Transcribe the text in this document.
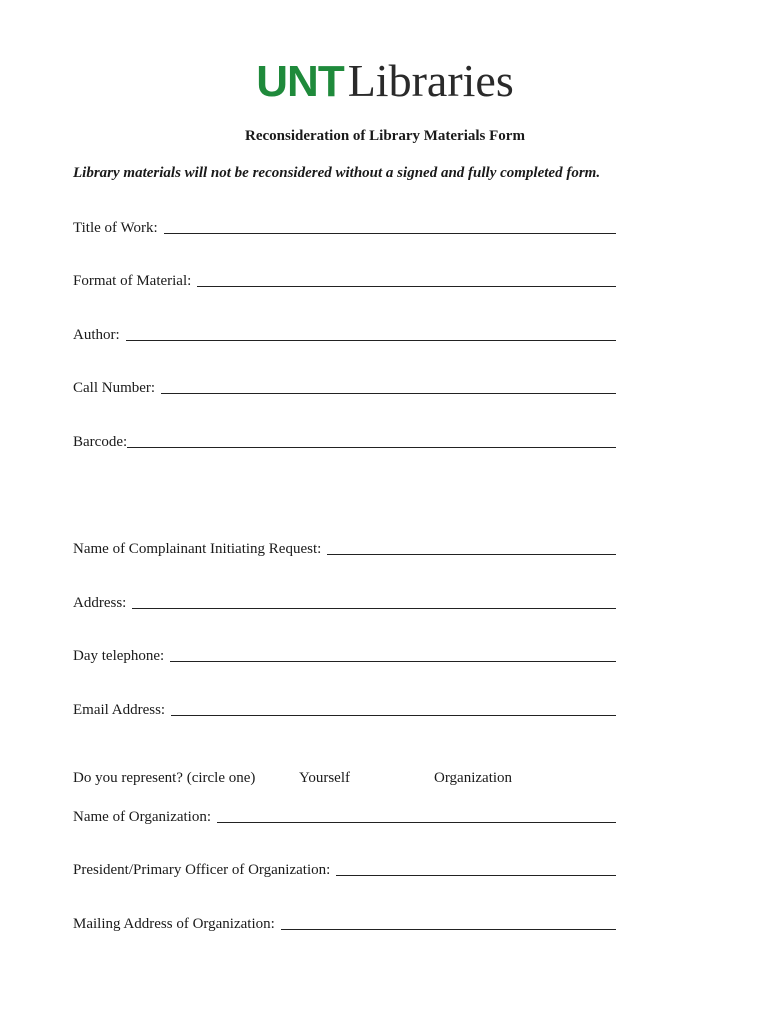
UNTLibraries
Reconsideration of Library Materials Form

Library materials will not be reconsidered without a signed and fully completed form.

Title of Work:
Format of Material:
Author:
Call Number:
Barcode:
Name of Complainant Initiating Request:
Address:
Day telephone:
Email Address:
Do you represent? (circle one)	Yourself	Organization
Name of Organization:
President/Primary Officer of Organization:
Mailing Address of Organization:
